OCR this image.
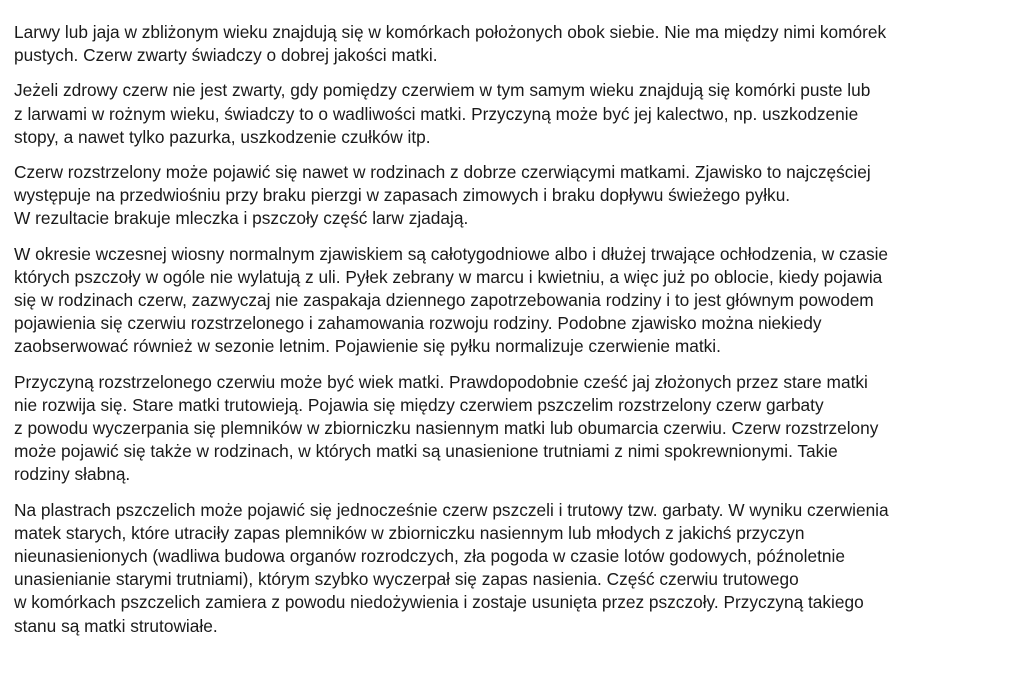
Larwy lub jaja w zbliżonym wieku znajdują się w komórkach położonych obok siebie. Nie ma między nimi komórek
pustych. Czerw zwarty świadczy o dobrej jakości matki.

Jeżeli zdrowy czerw nie jest zwarty, gdy pomiędzy czerwiem w tym samym wieku znajdują się komórki puste lub
z larwami w rożnym wieku, świadczy to o wadliwości matki. Przyczyną może być jej kalectwo, np. uszkodzenie
stopy, a nawet tylko pazurka, uszkodzenie czułków itp.

Czerw rozstrzelony może pojawić się nawet w rodzinach z dobrze czerwiącymi matkami. Zjawisko to najczęściej
występuje na przedwiośniu przy braku pierzgi w zapasach zimowych i braku dopływu świeżego pyłku.
W rezultacie brakuje mleczka i pszczoły część larw zjadają.

W okresie wczesnej wiosny normalnym zjawiskiem są całotygodniowe albo i dłużej trwające ochłodzenia, w czasie
których pszczoły w ogóle nie wylatują z uli. Pyłek zebrany w marcu i kwietniu, a więc już po oblocie, kiedy pojawia
się w rodzinach czerw, zazwyczaj nie zaspakaja dziennego zapotrzebowania rodziny i to jest głównym powodem
pojawienia się czerwiu rozstrzelonego i zahamowania rozwoju rodziny. Podobne zjawisko można niekiedy
zaobserwować również w sezonie letnim. Pojawienie się pyłku normalizuje czerwienie matki.

Przyczyną rozstrzelonego czerwiu może być wiek matki. Prawdopodobnie cześć jaj złożonych przez stare matki
nie rozwija się. Stare matki trutowieją. Pojawia się między czerwiem pszczelim rozstrzelony czerw garbaty
z powodu wyczerpania się plemników w zbiorniczku nasiennym matki lub obumarcia czerwiu. Czerw rozstrzelony
może pojawić się także w rodzinach, w których matki są unasienione trutniami z nimi spokrewnionymi. Takie
rodziny słabną.

Na plastrach pszczelich może pojawić się jednocześnie czerw pszczeli i trutowy tzw. garbaty. W wyniku czerwienia
matek starych, które utraciły zapas plemników w zbiorniczku nasiennym lub młodych z jakichś przyczyn
nieunasienionych (wadliwa budowa organów rozrodczych, zła pogoda w czasie lotów godowych, późnoletnie
unasienianie starymi trutniami), którym szybko wyczerpał się zapas nasienia. Część czerwiu trutowego
w komórkach pszczelich zamiera z powodu niedożywienia i zostaje usunięta przez pszczoły. Przyczyną takiego
stanu są matki strutowiałe.
